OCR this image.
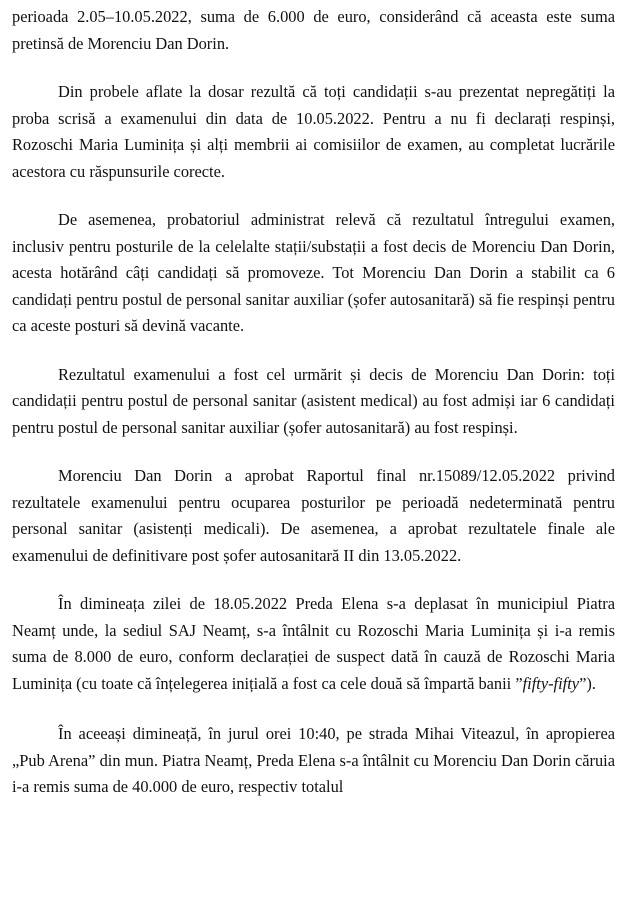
perioada 2.05–10.05.2022, suma de 6.000 de euro, considerând că aceasta este suma pretinsă de Morenciu Dan Dorin.

Din probele aflate la dosar rezultă că toți candidații s-au prezentat nepregătiți la proba scrisă a examenului din data de 10.05.2022. Pentru a nu fi declarați respinși, Rozoschi Maria Luminița și alți membrii ai comisiilor de examen, au completat lucrările acestora cu răspunsurile corecte.

De asemenea, probatoriul administrat relevă că rezultatul întregului examen, inclusiv pentru posturile de la celelalte stații/substații a fost decis de Morenciu Dan Dorin, acesta hotărând câți candidați să promoveze. Tot Morenciu Dan Dorin a stabilit ca 6 candidați pentru postul de personal sanitar auxiliar (șofer autosanitară) să fie respinși pentru ca aceste posturi să devină vacante.

Rezultatul examenului a fost cel urmărit și decis de Morenciu Dan Dorin: toți candidații pentru postul de personal sanitar (asistent medical) au fost admiși iar 6 candidați pentru postul de personal sanitar auxiliar (șofer autosanitară) au fost respinși.

Morenciu Dan Dorin a aprobat Raportul final nr.15089/12.05.2022 privind rezultatele examenului pentru ocuparea posturilor pe perioadă nedeterminată pentru personal sanitar (asistenți medicali). De asemenea, a aprobat rezultatele finale ale examenului de definitivare post șofer autosanitară II din 13.05.2022.

În dimineața zilei de 18.05.2022 Preda Elena s-a deplasat în municipiul Piatra Neamț unde, la sediul SAJ Neamț, s-a întâlnit cu Rozoschi Maria Luminița și i-a remis suma de 8.000 de euro, conform declarației de suspect dată în cauză de Rozoschi Maria Luminița (cu toate că înțelegerea inițială a fost ca cele două să împartă banii ”fifty-fifty”).

În aceeași dimineață, în jurul orei 10:40, pe strada Mihai Viteazul, în apropierea „Pub Arena” din mun. Piatra Neamț, Preda Elena s-a întâlnit cu Morenciu Dan Dorin căruia i-a remis suma de 40.000 de euro, respectiv totalul
